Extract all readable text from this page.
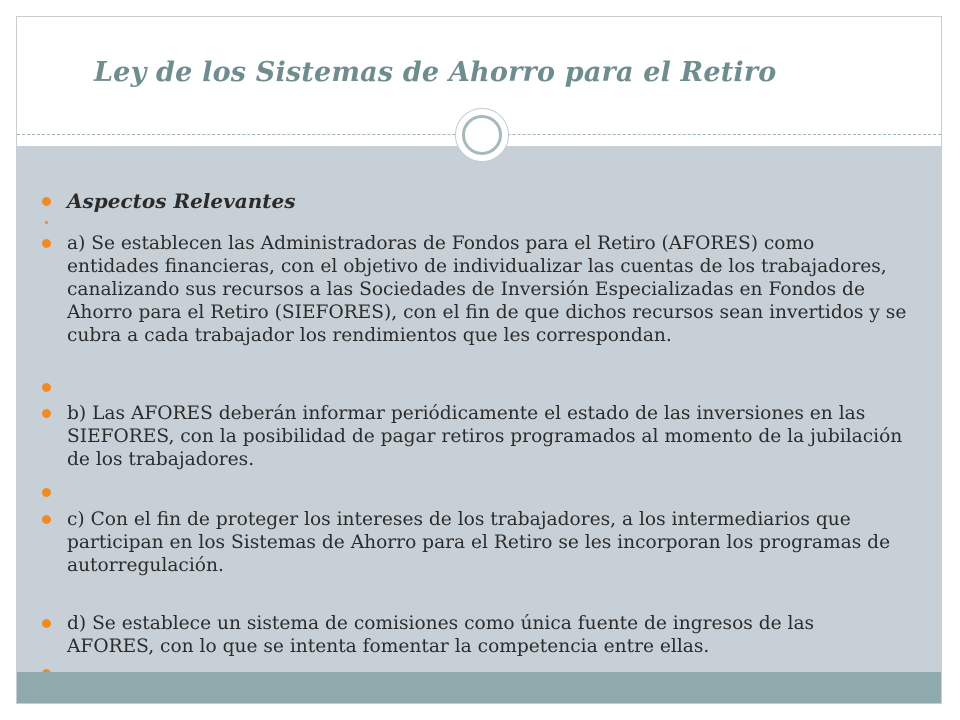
Ley de los Sistemas de Ahorro para el Retiro
Aspectos Relevantes
a) Se establecen las Administradoras de Fondos para el Retiro (AFORES) como entidades financieras, con el objetivo de individualizar las cuentas de los trabajadores, canalizando sus recursos a las Sociedades de Inversión Especializadas en Fondos de Ahorro para el Retiro (SIEFORES), con el fin de que dichos recursos sean invertidos y se cubra a cada trabajador los rendimientos que les correspondan.
b) Las AFORES deberán informar periódicamente el estado de las inversiones en las SIEFORES, con la posibilidad de pagar retiros programados al momento de la jubilación de los trabajadores.
c) Con el fin de proteger los intereses de los trabajadores, a los intermediarios que participan en los Sistemas de Ahorro para el Retiro se les incorporan los programas de autorregulación.
d) Se establece un sistema de comisiones como única fuente de ingresos de las AFORES, con lo que se intenta fomentar la competencia entre ellas.
